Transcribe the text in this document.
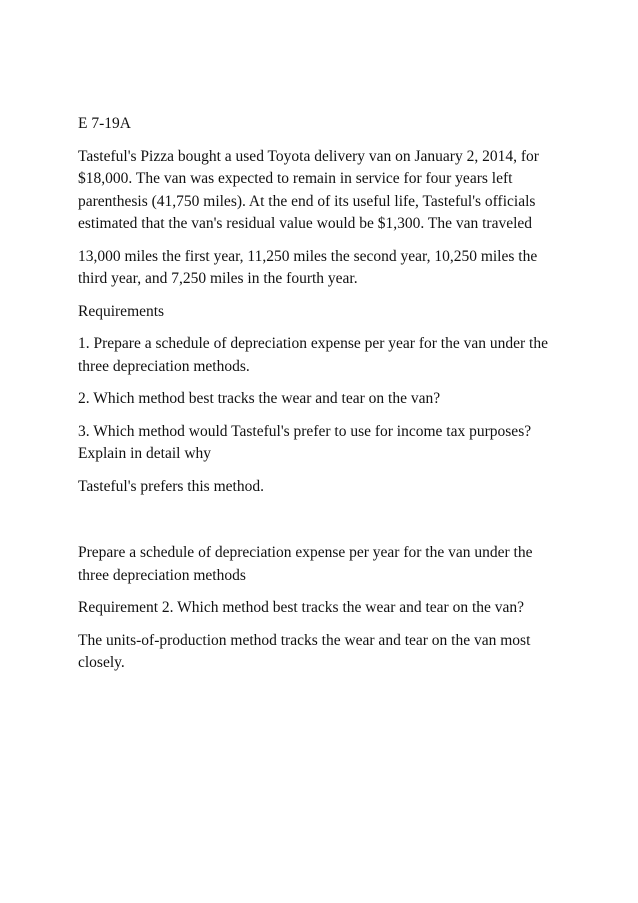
E 7-19A

Tasteful's Pizza bought a used Toyota delivery van on January 2, 2014, for $18,000. The van was expected to remain in service for four years left parenthesis (41,750 miles). At the end of its useful life, Tasteful's officials estimated that the van's residual value would be $1,300. The van traveled

13,000 miles the first year, 11,250 miles the second year, 10,250 miles the third year, and 7,250 miles in the fourth year.

Requirements

1. Prepare a schedule of depreciation expense per year for the van under the three depreciation methods.

2. Which method best tracks the wear and tear on the van?

3. Which method would Tasteful's prefer to use for income tax purposes? Explain in detail why

Tasteful's prefers this method.

Prepare a schedule of depreciation expense per year for the van under the three depreciation methods

Requirement 2. Which method best tracks the wear and tear on the van?

The units-of-production method tracks the wear and tear on the van most closely.
